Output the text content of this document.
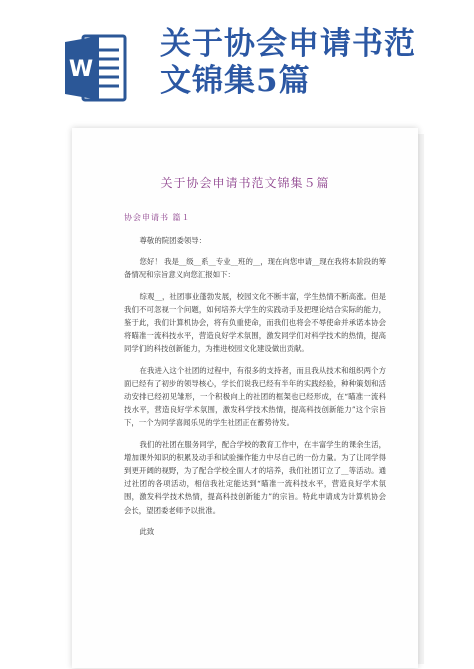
W
关于协会申请书范
文锦集5篇
关于协会申请书范文锦集５篇
协会申请书 篇１

尊敬的院团委领导：

您好！ 我是__级__系__专业__班的__，现在向您申请__现在我将本阶段的筹备情况和宗旨意义向您汇报如下：

综观__，社团事业蓬勃发展，校园文化不断丰富，学生热情不断高涨。但是我们不可忽视一个问题，如何培养大学生的实践动手及把理论结合实际的能力，鉴于此，我们计算机协会，将有负重使命，而我们也将会不辱使命并承诺本协会将瞄准一流科技水平，营造良好学术氛围，激发同学们对科学技术的热情，提高同学们的科技创新能力，为推进校园文化建设做出贡献。

在我进入这个社团的过程中，有很多的支持者，而且我从技术和组织两个方面已经有了初步的领导核心，学长们说我已经有半年的实践经验，种种策划和活动安排已经初见雏形，一个积极向上的社团的框架也已经形成，在“瞄准一流科技水平，营造良好学术氛围，激发科学技术热情，提高科技创新能力”这个宗旨下，一个为同学喜闻乐见的学生社团正在蓄势待发。

我们的社团在服务同学，配合学校的教育工作中，在丰富学生的课余生活，增加课外知识的积累及动手和试验操作能力中尽自己的一份力量。为了让同学得到更开阔的视野，为了配合学校全面人才的培养，我们社团订立了__等活动。通过社团的各项活动，相信我社定能达到“瞄准一流科技水平，营造良好学术氛围，激发科学技术热情，提高科技创新能力”的宗旨。特此申请成为计算机协会会长，望团委老师予以批准。

此致
